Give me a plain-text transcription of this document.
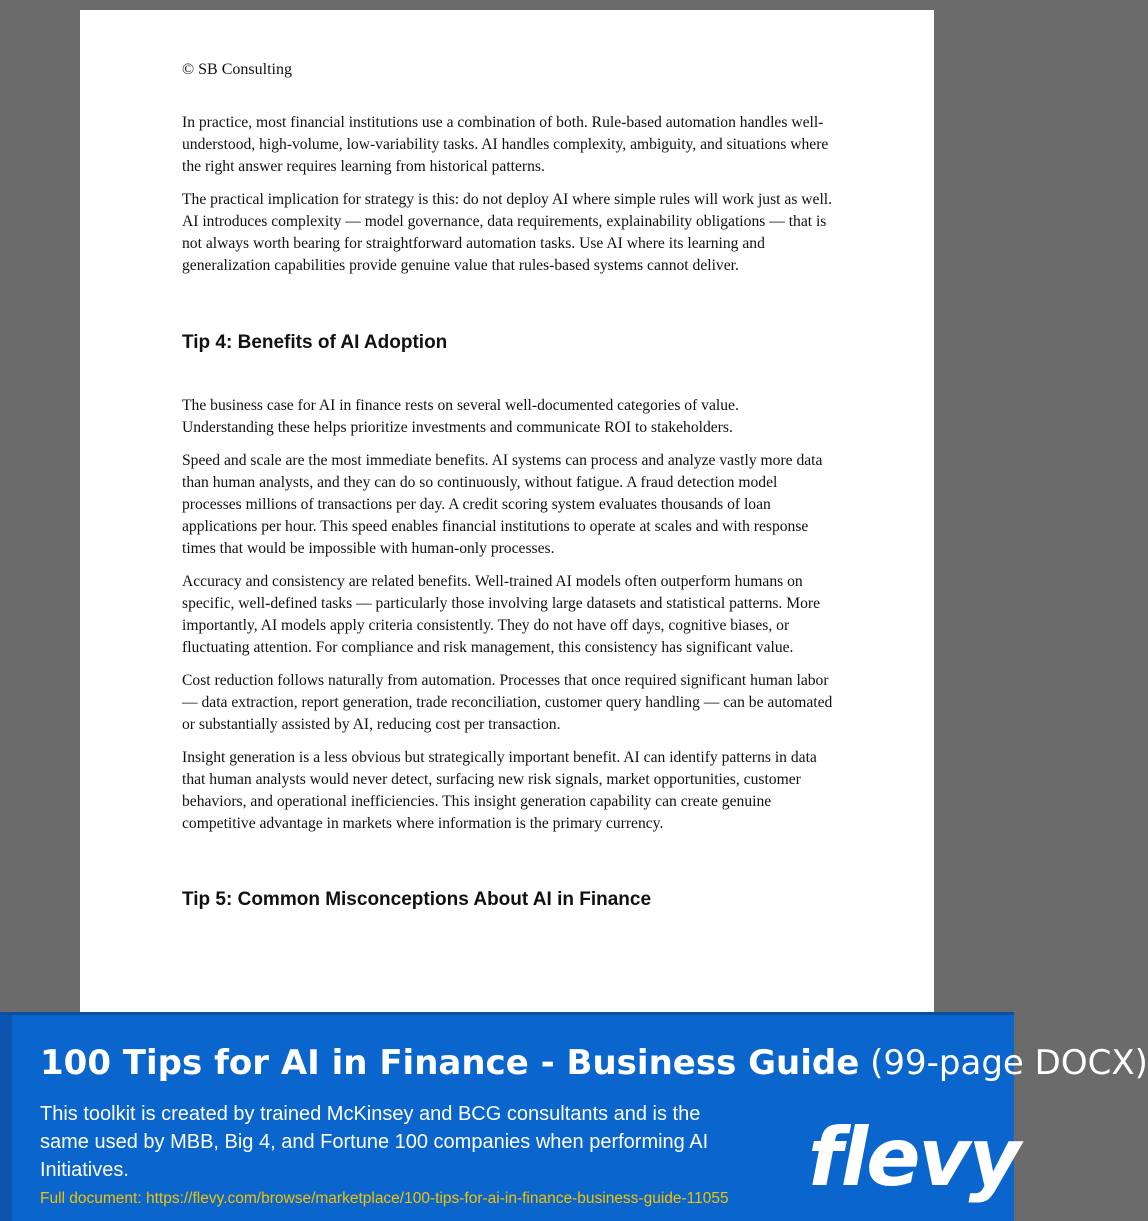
© SB Consulting

In practice, most financial institutions use a combination of both. Rule-based automation handles well-understood, high-volume, low-variability tasks. AI handles complexity, ambiguity, and situations where the right answer requires learning from historical patterns.

The practical implication for strategy is this: do not deploy AI where simple rules will work just as well. AI introduces complexity — model governance, data requirements, explainability obligations — that is not always worth bearing for straightforward automation tasks. Use AI where its learning and generalization capabilities provide genuine value that rules-based systems cannot deliver.

Tip 4: Benefits of AI Adoption

The business case for AI in finance rests on several well-documented categories of value. Understanding these helps prioritize investments and communicate ROI to stakeholders.

Speed and scale are the most immediate benefits. AI systems can process and analyze vastly more data than human analysts, and they can do so continuously, without fatigue. A fraud detection model processes millions of transactions per day. A credit scoring system evaluates thousands of loan applications per hour. This speed enables financial institutions to operate at scales and with response times that would be impossible with human-only processes.

Accuracy and consistency are related benefits. Well-trained AI models often outperform humans on specific, well-defined tasks — particularly those involving large datasets and statistical patterns. More importantly, AI models apply criteria consistently. They do not have off days, cognitive biases, or fluctuating attention. For compliance and risk management, this consistency has significant value.

Cost reduction follows naturally from automation. Processes that once required significant human labor — data extraction, report generation, trade reconciliation, customer query handling — can be automated or substantially assisted by AI, reducing cost per transaction.

Insight generation is a less obvious but strategically important benefit. AI can identify patterns in data that human analysts would never detect, surfacing new risk signals, market opportunities, customer behaviors, and operational inefficiencies. This insight generation capability can create genuine competitive advantage in markets where information is the primary currency.

Tip 5: Common Misconceptions About AI in Finance
100 Tips for AI in Finance - Business Guide (99-page DOCX)
This toolkit is created by trained McKinsey and BCG consultants and is the same used by MBB, Big 4, and Fortune 100 companies when performing AI Initiatives.
Full document: https://flevy.com/browse/marketplace/100-tips-for-ai-in-finance-business-guide-11055 flevy
